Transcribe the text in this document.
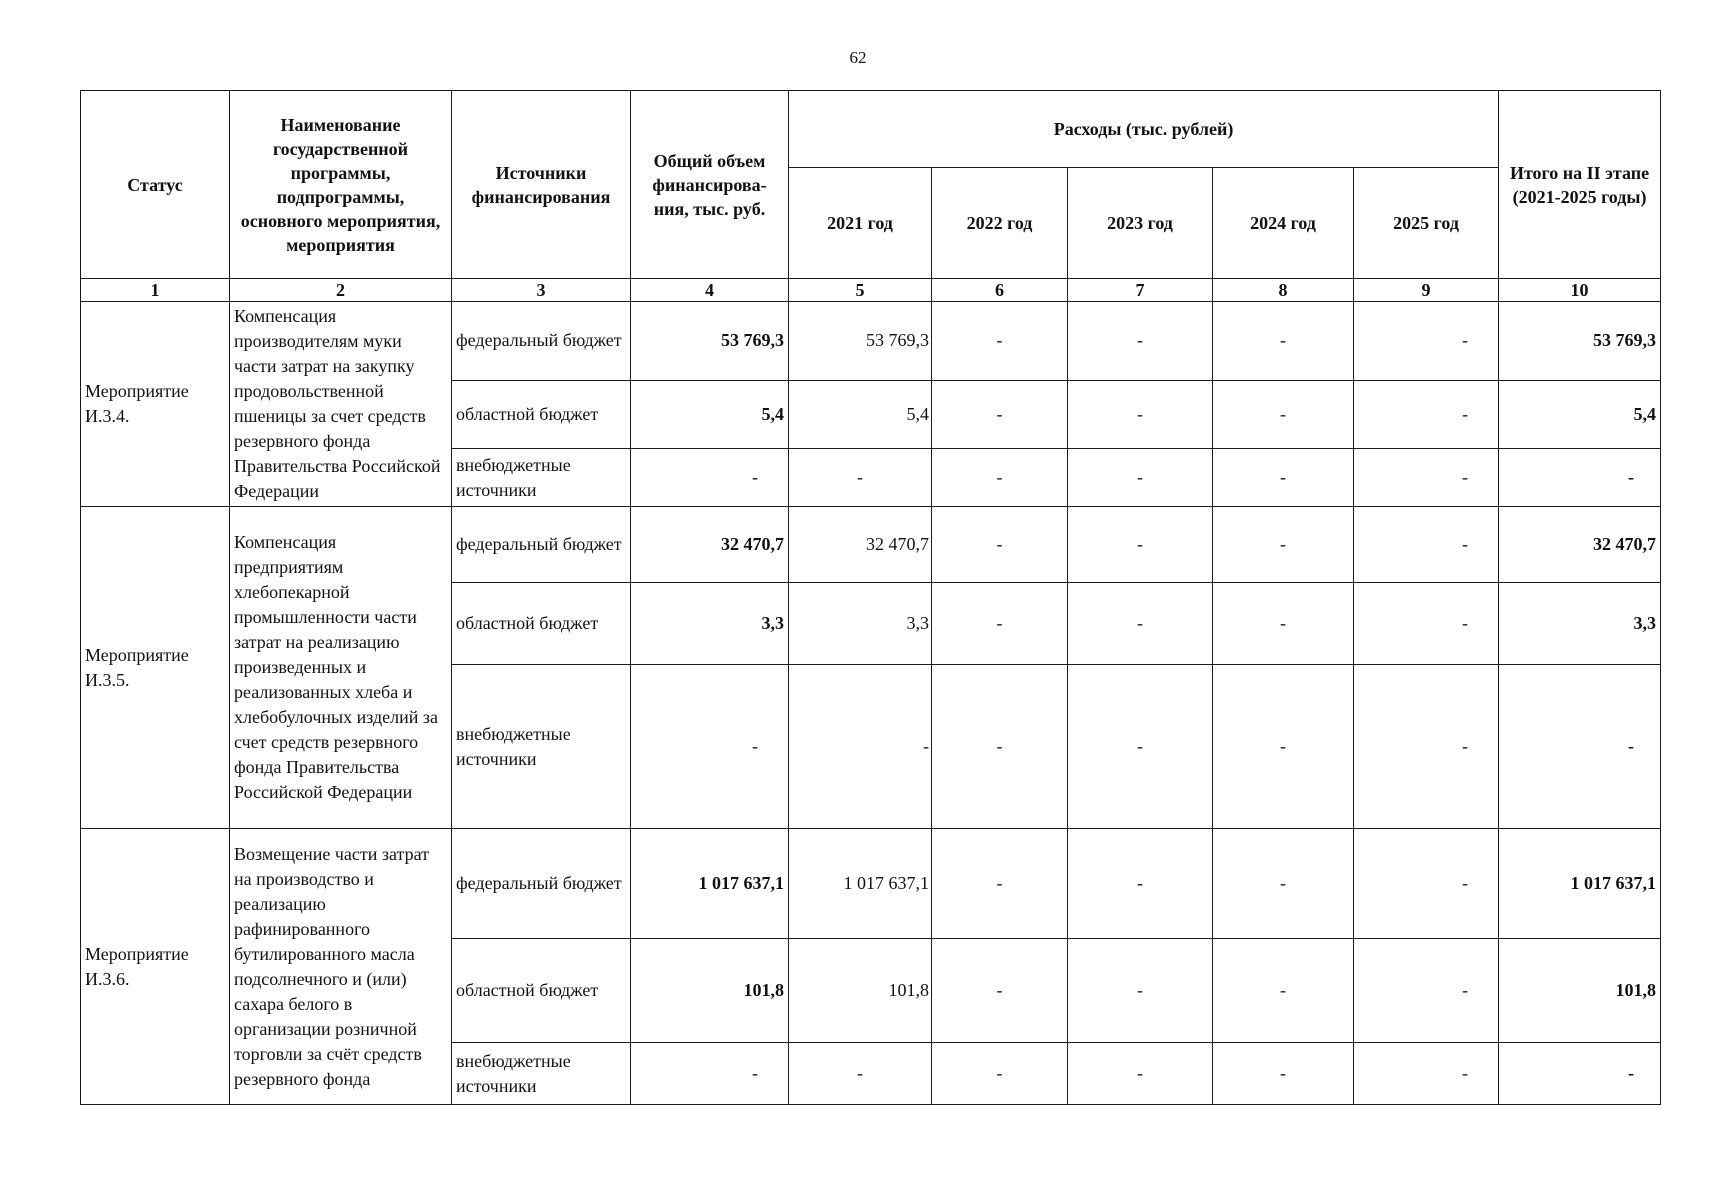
62
Статус	Наименование государственной программы, подпрограммы, основного мероприятия, мероприятия	Источники финансирования	Общий объем финансирова-ния, тыс. руб.	Расходы (тыс. рублей)					Итого на II этапе (2021-2025 годы)
				2021 год	2022 год	2023 год	2024 год	2025 год	
1	2	3	4	5	6	7	8	9	10
Мероприятие И.3.4.	Компенсация производителям муки части затрат на закупку продовольственной пшеницы за счет средств резервного фонда Правительства Российской Федерации	федеральный бюджет	53 769,3	53 769,3	-	-	-	-	53 769,3
		областной бюджет	5,4	5,4	-	-	-	-	5,4
		внебюджетные источники	-	-	-	-	-	-	-
Мероприятие И.3.5.	Компенсация предприятиям хлебопекарной промышленности части затрат на реализацию произведенных и реализованных хлеба и хлебобулочных изделий за счет средств резервного фонда Правительства Российской Федерации	федеральный бюджет	32 470,7	32 470,7	-	-	-	-	32 470,7
		областной бюджет	3,3	3,3	-	-	-	-	3,3
		внебюджетные источники	-	-	-	-	-	-	-
Мероприятие И.3.6.	Возмещение части затрат на производство и реализацию рафинированного бутилированного масла подсолнечного и (или) сахара белого в организации розничной торговли за счёт средств резервного фонда	федеральный бюджет	1 017 637,1	1 017 637,1	-	-	-	-	1 017 637,1
		областной бюджет	101,8	101,8	-	-	-	-	101,8
		внебюджетные источники	-	-	-	-	-	-	-
